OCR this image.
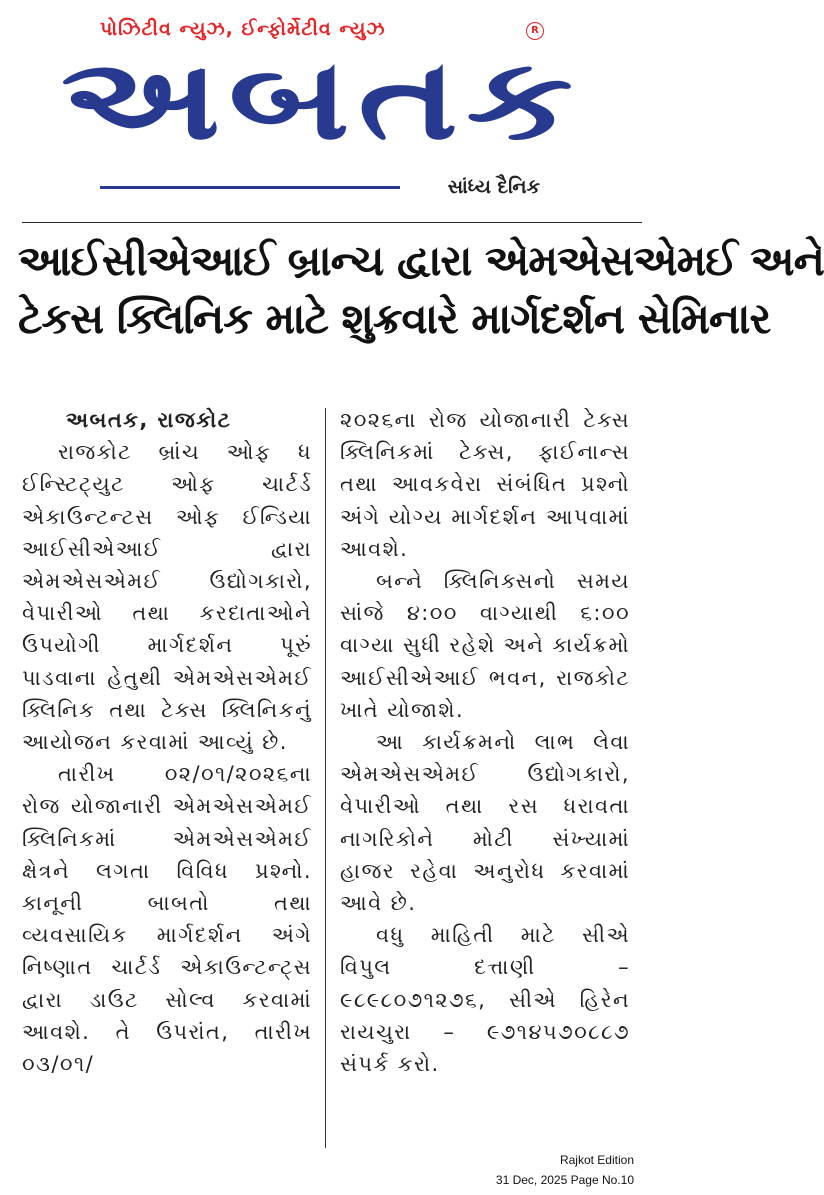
પોઝિટીવ ન્યુઝ, ઈન્ફોર્મેટીવ ન્યુઝ	R
અબતક
સાંધ્ય દૈનિક
આઈસીએઆઈ બ્રાન્ચ દ્વારા એમએસએમઈ અને
ટેકસ ક્લિનિક માટે શુક્રવારે માર્ગદર્શન સેમિનાર

અબતક, રાજકોટ

રાજકોટ બ્રાંચ ઓફ ધ ઈન્સ્ટિટ્યુટ ઓફ ચાર્ટર્ડ એકાઉન્ટન્ટસ ઓફ ઈન્ડિયા આઈસીએઆઈ દ્વારા એમએસએમઈ ઉદ્યોગકારો, વેપારીઓ તથા કરદાતાઓને ઉપયોગી માર્ગદર્શન પૂરું પાડવાના હેતુથી એમએસએમઈ ક્લિનિક તથા ટેક્સ ક્લિનિકનું આયોજન કરવામાં આવ્યું છે.

તારીખ ૦૨/૦૧/૨૦૨૬ના રોજ યોજાનારી એમએસએમઈ ક્લિનિકમાં એમએસએમઈ ક્ષેત્રને લગતા વિવિધ પ્રશ્નો. કાનૂની બાબતો તથા વ્યવસાયિક માર્ગદર્શન અંગે નિષ્ણાત ચાર્ટર્ડ એકાઉન્ટન્ટ્સ દ્વારા ડાઉટ સોલ્વ કરવામાં આવશે. તે ઉપરાંત, તારીખ ૦૩/૦૧/

૨૦૨૬ના રોજ યોજાનારી ટેક્સ ક્લિનિકમાં ટેક્સ, ફાઈનાન્સ તથા આવકવેરા સંબંધિત પ્રશ્નો અંગે યોગ્ય માર્ગદર્શન આપવામાં આવશે.

બન્ને ક્લિનિક્સનો સમય સાંજે ૪:૦૦ વાગ્યાથી ૬:૦૦ વાગ્યા સુધી રહેશે અને કાર્યક્રમો આઈસીએઆઈ ભવન, રાજકોટ ખાતે યોજાશે.

આ કાર્યક્રમનો લાભ લેવા એમએસએમઈ ઉદ્યોગકારો, વેપારીઓ તથા રસ ધરાવતા નાગરિકોને મોટી સંખ્યામાં હાજર રહેવા અનુરોધ કરવામાં આવે છે.

વધુ માહિતી માટે સીએ વિપુલ દત્તાણી – ૯૮૯૮૦૭૧૨૭૬, સીએ હિરેન રાયચુરા – ૯૭૧૪૫૭૦૮૮૭ સંપર્ક કરો.

Rajkot Edition
31 Dec, 2025 Page No.10
